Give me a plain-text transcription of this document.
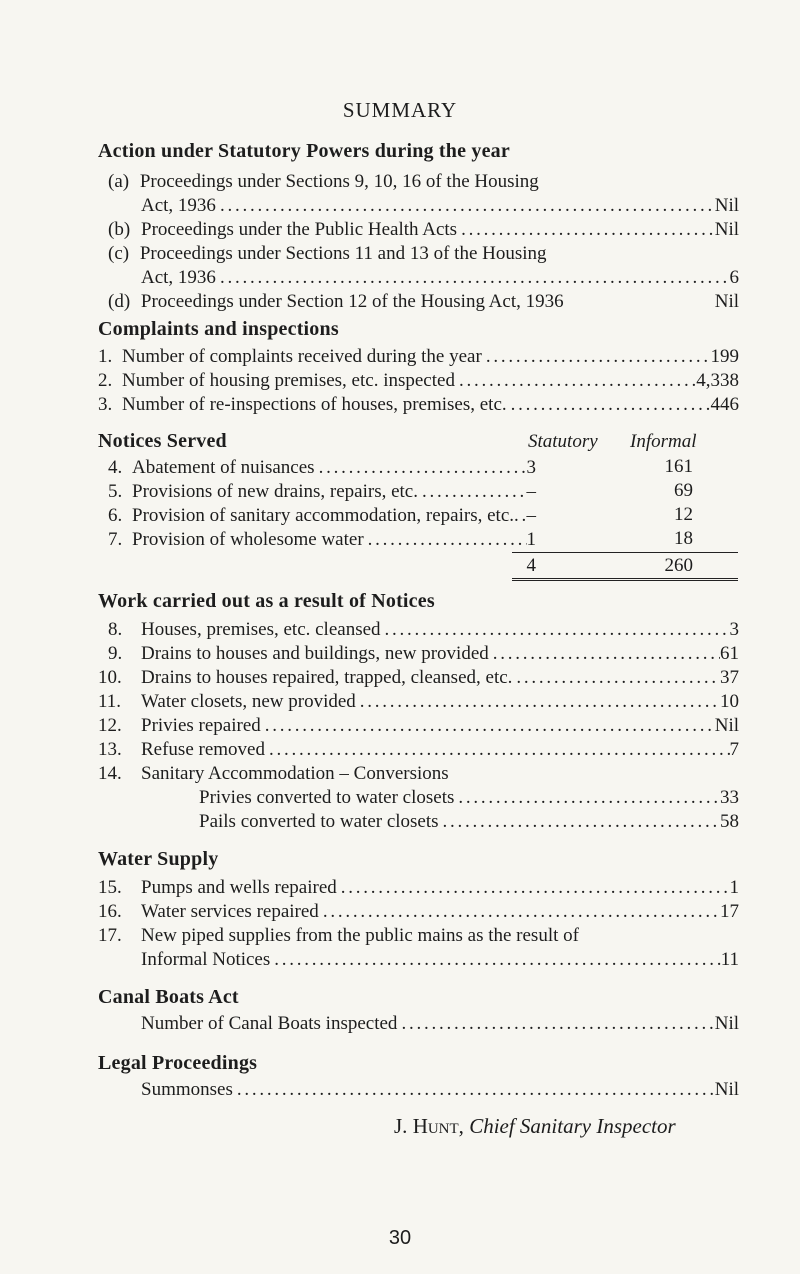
SUMMARY
Action under Statutory Powers during the year
(a) Proceedings under Sections 9, 10, 16 of the Housing
Act, 1936 . . .	Nil
(b) Proceedings under the Public Health Acts . . .	Nil
(c) Proceedings under Sections 11 and 13 of the Housing
Act, 1936 . . .	6
(d) Proceedings under Section 12 of the Housing Act, 1936	Nil
Complaints and inspections
1. Number of complaints received during the year . . .	199
2. Number of housing premises, etc. inspected . . .	4,338
3. Number of re-inspections of houses, premises, etc. . . .	446
Notices Served	Statutory Informal
4. Abatement of nuisances . . .	3	161
5. Provisions of new drains, repairs, etc. . . .	–	69
6. Provision of sanitary accommodation, repairs, etc. . . . –	12
7. Provision of wholesome water . . .	1	18
4	260
Work carried out as a result of Notices
8. Houses, premises, etc. cleansed . . .	3
9. Drains to houses and buildings, new provided . . .	61
10.	Drains to houses repaired, trapped, cleansed, etc. . . .	37
11.	Water closets, new provided . . .	10
12.	Privies repaired . . .	Nil
13.	Refuse removed . . .	7
14. Sanitary Accommodation – Conversions
Privies converted to water closets . . .	33
Pails converted to water closets . . .	58
Water Supply
15.	Pumps and wells repaired . . .	1
16.	Water services repaired . . .	17
17. New piped supplies from the public mains as the result of
Informal Notices . . .	11
Canal Boats Act
Number of Canal Boats inspected . . .	Nil
Legal Proceedings
Summonses . . .	Nil
J. Hunt, Chief Sanitary Inspector
30
